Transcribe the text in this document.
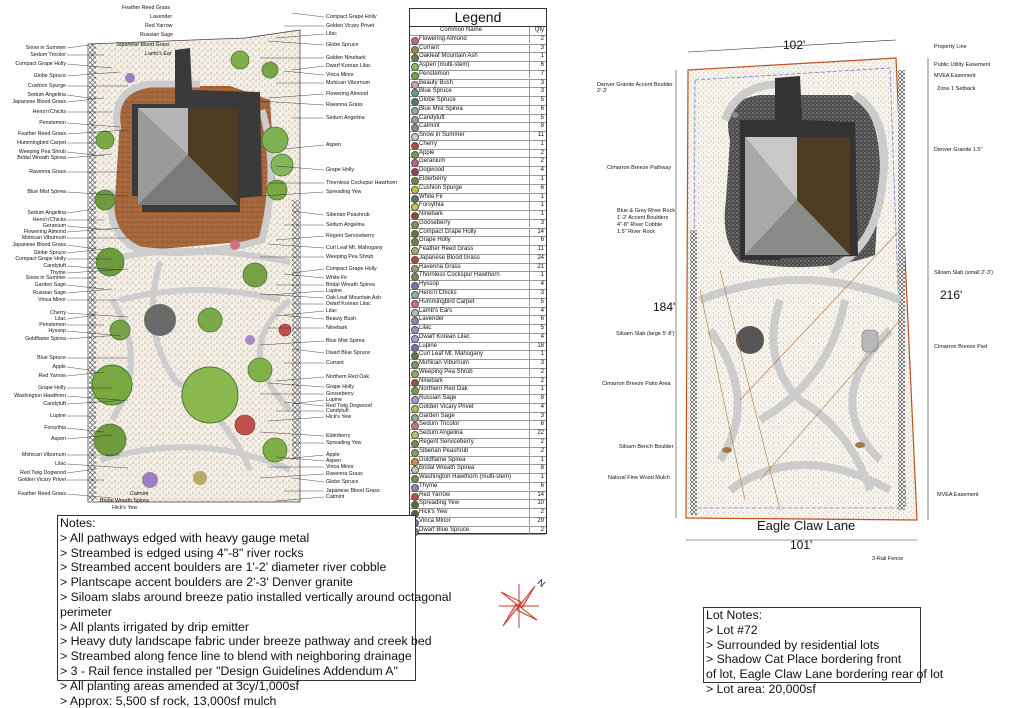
Snow in Summer
Sedum Tricolor
Compact Grape Holly
Globe Spruce
Cushion Spurge
Sedum Angelina
Japanese Blood Grass
Hens'n'Chicks
Penstemon
Feather Reed Grass
Hummingbird Carpet
Weeping Pea Shrub
Bridal Wreath Spirea
Ravenna Grass
Blue Mist Spirea
Sedum Angelina
Hens'n'Chicks
Geranium
Flowering Almond
Mohican Viburnum
Japanese Blood Grass
Globe Spruce
Compact Grape Holly
Candytuft
Thyme
Snow in Summer
Garden Sage
Russian Sage
Vinca Minor
Cherry
Lilac
Penstemon
Hyssop
Goldflame Spirea
Blue Spruce
Apple
Red Yarrow
Grape Holly
Washington Hawthorn
Candytuft
Lupine
Forsythia
Aspen
Mohican Viburnum
Lilac
Red Twig Dogwood
Golden Vicary Privet
Feather Reed Grass
Compact Grape Holly
Golden Vicary Privet
Lilac
Globe Spruce
Golden Ninebark
Dwarf Korean Lilac
Vinca Minor
Mohican Viburnum
Flowering Almond
Ravenna Grass
Sedum Angelina
Aspen
Grape Holly
Thornless Cockspur Hawthorn
Spreading Yew
Siberian Peashrub
Sedum Angelina
Regent Serviceberry
Curl Leaf Mt. Mahogany
Weeping Pea Shrub
Compact Grape Holly
White Fir
Bridal Wreath Spirea
Lupine
Oak Leaf Mountain Ash
Dwarf Korean Lilac
Lilac
Beauty Bush
Ninebark
Blue Mist Spirea
Dwarf Blue Spruce
Currant
Northern Red Oak
Grape Holly
Gooseberry
Lupine
Red Twig Dogwood
Candytuft
Hick's Yew
Elderberry
Spreading Yew
Apple
Aspen
Vinca Minor
Ravenna Grass
Globe Spruce
Japanese Blood Grass
Catmint
Feather Reed Grass
Lavender
Red Yarrow
Russian Sage
Japanese Blood Grass
Lamb's Ear
Catmint
Bridal Wreath Spirea
Hick's Yew
Legend
Common Name	Qty
Flowering Almond	2
Currant	3
Oakleaf Mountain Ash	1
Aspen (multi-stem)	6
Penstemon	7
Beauty Bush	3
Blue Spruce	3
Globe Spruce	5
Blue Mist Spirea	6
Candytuft	5
Catmint	8
Snow in Summer	11
Cherry	1
Apple	2
Geranium	2
Dogwood	4
Elderberry	1
Cushion Spurge	6
White Fir	1
Forsythia	1
Ninebark	1
Gooseberry	3
Compact Grape Holly	14
Grape Holly	6
Feather Reed Grass	11
Japanese Blood Grass	24
Ravenna Grass	21
Thornless Cockspur Hawthorn	1
Hyssop	4
Hens'n'Chicks	3
Hummingbird Carpet	5
Lamb's Ears	4
Lavender	6
Lilac	5
Dwarf Korean Lilac	4
Lupine	18
Curl Leaf Mt. Mahogany	1
Mohican Viburnum	3
Weeping Pea Shrub	2
Ninebark	2
Northern Red Oak	1
Russian Sage	8
Golden Vicary Privet	4
Garden Sage	3
Sedum Tricolor	6
Sedum Angelina	22
Regent Serviceberry	2
Siberian Peashrub	2
Goldflame Spirea	1
Bridal Wreath Spirea	8
Washington Hawthorn (multi-stem)	1
Thyme	6
Red Yarrow	14
Spreading Yew	10
Hick's Yew	2
Vinca Minor	29
Dwarf Blue Spruce	2
Notes:
> All pathways edged with heavy gauge metal
> Streambed is edged using 4"-8" river rocks
> Streambed accent boulders are 1'-2' diameter river cobble
> Plantscape accent boulders are 2'-3' Denver granite
> Siloam slabs around breeze patio installed vertically around octagonal
perimeter
> All plants irrigated by drip emitter
> Heavy duty landscape fabric under breeze pathway and creek bed
> Streambed along fence line to blend with neighboring drainage
> 3 - Rail fence installed per "Design Guidelines Addendum A"
> All planting areas amended at 3cy/1,000sf
> Approx: 5,500 sf rock, 13,000sf mulch
N
Property Line
Public Utility Easement
MVEA Easement
Zone 1 Setback
Denver Granite Accent Boulder
2'-3'
Denver Granite 1.5"
Cimarron Breeze Pathway
Blue & Grey River Rock
1'-2' Accent Boulders
4"-8" River Cobble
1.5" River Rock
Siloam Slab (small 2'-3')
Siloam Slab (large 5'-8')
Cimarron Breeze Pad
Cimarron Breeze Patio Area
Siloam Bench Boulder
Natural Fine Wood Mulch
MVEA Easement
3-Rail Fence
102'
101'
184'
216'
Eagle Claw Lane
Lot Notes:
> Lot #72
> Surrounded by residential lots
> Shadow Cat Place bordering front
of lot, Eagle Claw Lane bordering rear of lot
> Lot area: 20,000sf
